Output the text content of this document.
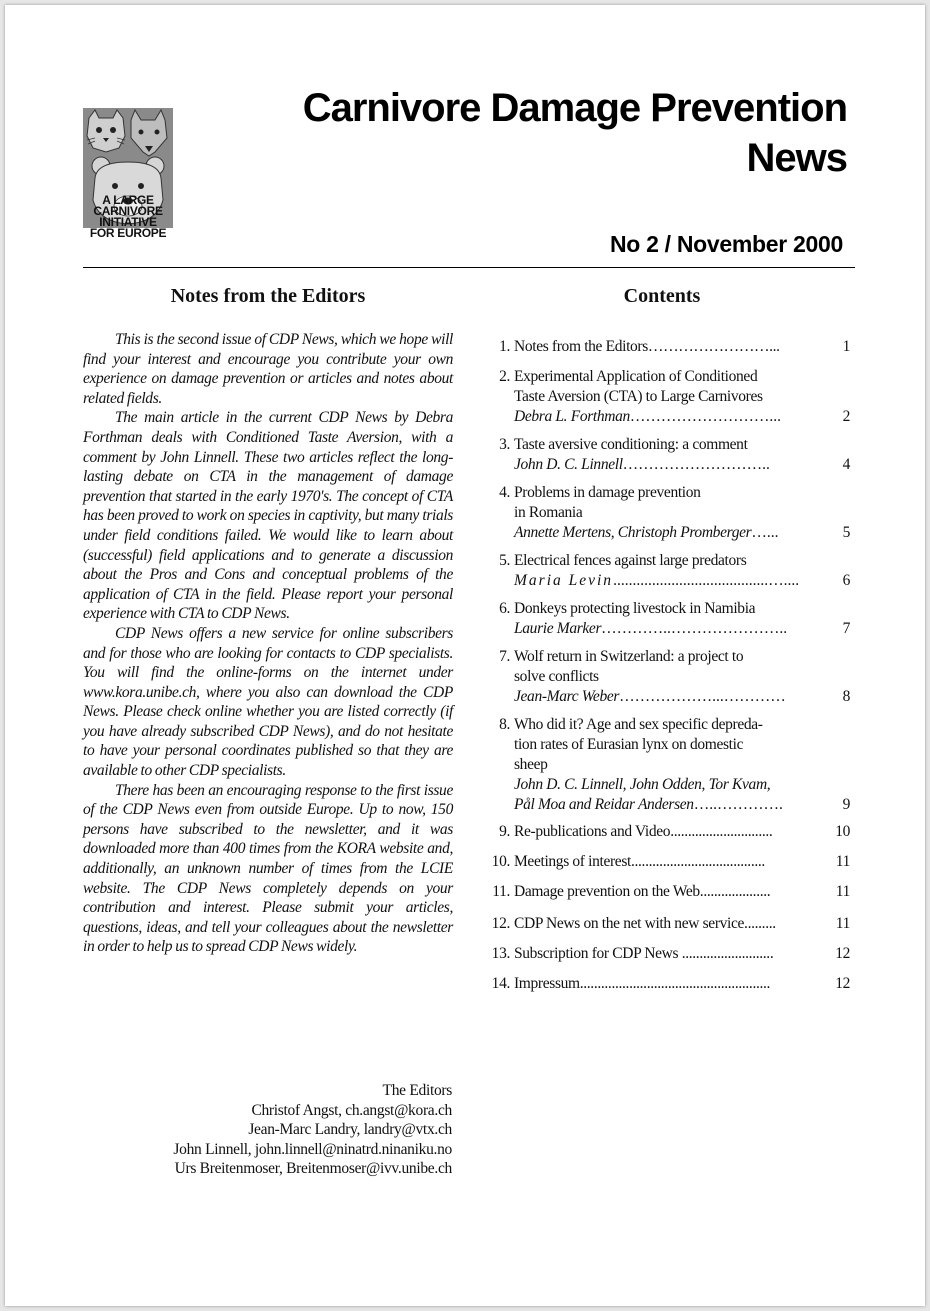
A LARGE
CARNIVORE
INITIATIVE
FOR EUROPE
Carnivore Damage Prevention
News
No 2 / November 2000
Notes from the Editors

This is the second issue of CDP News, which we hope will find your interest and encourage you contribute your own experience on damage prevention or articles and notes about related fields.

The main article in the current CDP News by Debra Forthman deals with Conditioned Taste Aversion, with a comment by John Linnell. These two articles reflect the long-lasting debate on CTA in the management of damage prevention that started in the early 1970's. The concept of CTA has been proved to work on species in captivity, but many trials under field conditions failed. We would like to learn about (successful) field applications and to generate a discussion about the Pros and Cons and conceptual problems of the application of CTA in the field. Please report your personal experience with CTA to CDP News.

CDP News offers a new service for online subscribers and for those who are looking for contacts to CDP specialists. You will find the online-forms on the internet under www.kora.unibe.ch, where you also can download the CDP News. Please check online whether you are listed correctly (if you have already subscribed CDP News), and do not hesitate to have your personal coordinates published so that they are available to other CDP specialists.

There has been an encouraging response to the first issue of the CDP News even from outside Europe. Up to now, 150 persons have subscribed to the newsletter, and it was downloaded more than 400 times from the KORA website and, additionally, an unknown number of times from the LCIE website. The CDP News completely depends on your contribution and interest. Please submit your articles, questions, ideas, and tell your colleagues about the newsletter in order to help us to spread CDP News widely.

The Editors
Christof Angst, ch.angst@kora.ch
Jean-Marc Landry, landry@vtx.ch
John Linnell, john.linnell@ninatrd.ninaniku.no
Urs Breitenmoser, Breitenmoser@ivv.unibe.ch
Contents
1. Notes from the Editors……………………...	1
2. Experimental Application of Conditioned
Taste Aversion (CTA) to Large Carnivores
Debra L. Forthman………………………...	2
3. Taste aversive conditioning: a comment
John D. C. Linnell………………………..	4
4. Problems in damage prevention
in Romania
Annette Mertens, Christoph Promberger…...	5
5. Electrical fences against large predators
Maria Levin........................................…....	6
6. Donkeys protecting livestock in Namibia
Laurie Marker…………..…………………..	7
7. Wolf return in Switzerland: a project to
solve conflicts
Jean-Marc Weber………………...…………	8
8. Who did it? Age and sex specific depreda-
tion rates of Eurasian lynx on domestic
sheep
John D. C. Linnell, John Odden, Tor Kvam,
Pål Moa and Reidar Andersen…..………….	9
9. Re-publications and Video.............................	10
10. Meetings of interest......................................	11
11. Damage prevention on the Web....................	11
12. CDP News on the net with new service.........	11
13. Subscription for CDP News ..........................	12
14. Impressum......................................................	12
